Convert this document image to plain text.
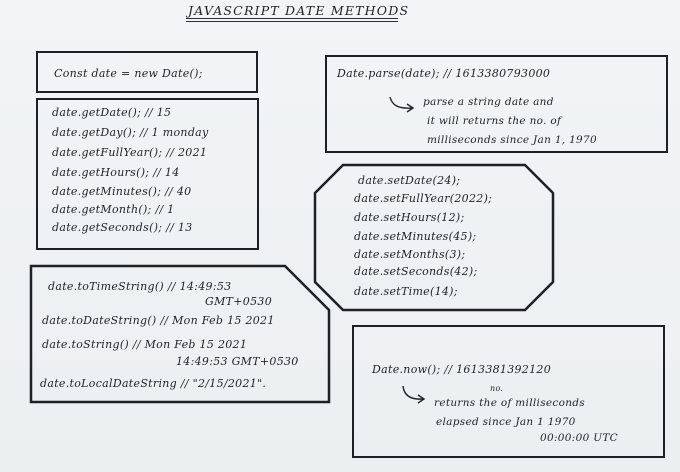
JAVASCRIPT DATE METHODS
Const date = new Date();
date.getDate(); // 15
date.getDay(); // 1 monday
date.getFullYear(); // 2021
date.getHours(); // 14
date.getMinutes(); // 40
date.getMonth(); // 1
date.getSeconds(); // 13
Date.parse(date); // 1613380793000
parse a string date and
it will returns the no. of
milliseconds since Jan 1, 1970
date.setDate(24);
date.setFullYear(2022);
date.setHours(12);
date.setMinutes(45);
date.setMonths(3);
date.setSeconds(42);
date.setTime(14);
date.toTimeString() // 14:49:53
GMT+0530
date.toDateString() // Mon Feb 15 2021
date.toString() // Mon Feb 15 2021
14:49:53 GMT+0530
date.toLocalDateString // "2/15/2021".
Date.now(); // 1613381392120
no.
returns the of milliseconds
elapsed since Jan 1 1970
00:00:00 UTC
